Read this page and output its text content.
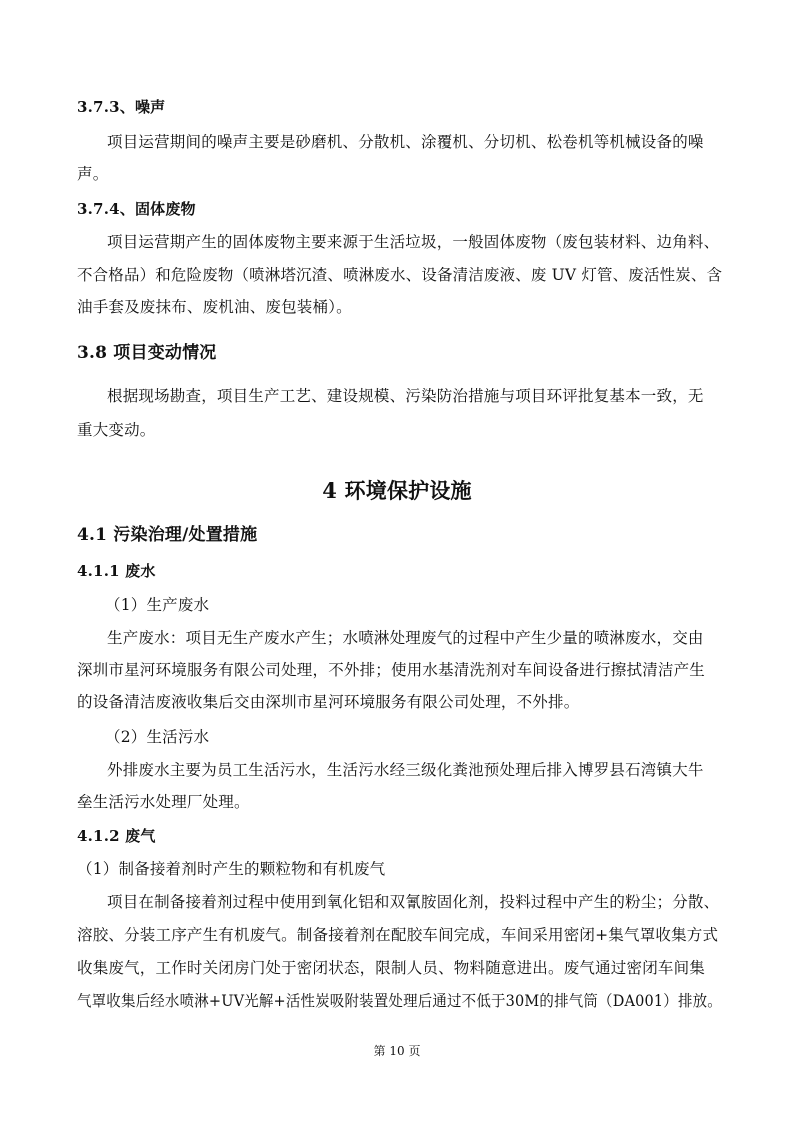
3.7.3、噪声
项目运营期间的噪声主要是砂磨机、分散机、涂覆机、分切机、松卷机等机械设备的噪
声。
3.7.4、固体废物
项目运营期产生的固体废物主要来源于生活垃圾，一般固体废物（废包装材料、边角料、
不合格品）和危险废物（喷淋塔沉渣、喷淋废水、设备清洁废液、废 UV 灯管、废活性炭、含
油手套及废抹布、废机油、废包装桶）。
3.8 项目变动情况
根据现场勘查，项目生产工艺、建设规模、污染防治措施与项目环评批复基本一致，无
重大变动。
4 环境保护设施
4.1 污染治理/处置措施
4.1.1 废水
（1）生产废水
生产废水：项目无生产废水产生；水喷淋处理废气的过程中产生少量的喷淋废水，交由
深圳市星河环境服务有限公司处理，不外排；使用水基清洗剂对车间设备进行擦拭清洁产生
的设备清洁废液收集后交由深圳市星河环境服务有限公司处理，不外排。
（2）生活污水
外排废水主要为员工生活污水，生活污水经三级化粪池预处理后排入博罗县石湾镇大牛
垒生活污水处理厂处理。
4.1.2 废气
（1）制备接着剂时产生的颗粒物和有机废气
项目在制备接着剂过程中使用到氧化铝和双氰胺固化剂，投料过程中产生的粉尘；分散、
溶胶、分装工序产生有机废气。制备接着剂在配胶车间完成，车间采用密闭+集气罩收集方式
收集废气，工作时关闭房门处于密闭状态，限制人员、物料随意进出。废气通过密闭车间集
气罩收集后经水喷淋+UV光解+活性炭吸附装置处理后通过不低于30M的排气筒（DA001）排放。
第 10 页
